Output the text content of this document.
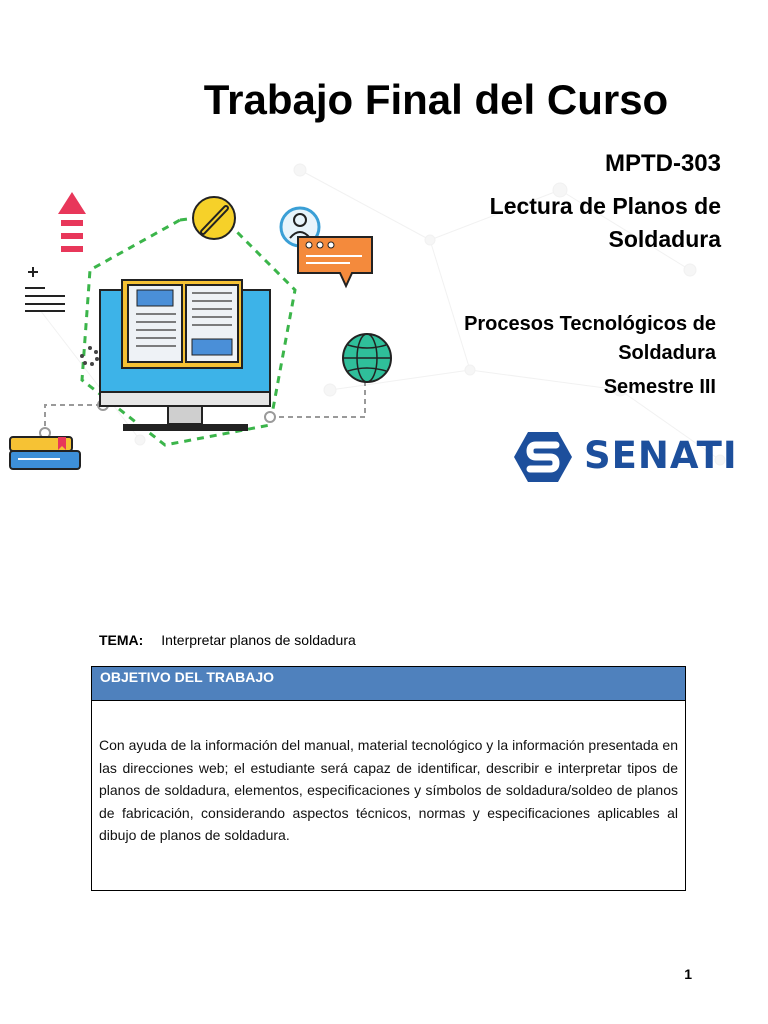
Trabajo Final del Curso
MPTD-303
Lectura de Planos de Soldadura
Procesos Tecnológicos de Soldadura
Semestre III
SENATI
TEMA: Interpretar planos de soldadura
OBJETIVO DEL TRABAJO
Con ayuda de la información del manual, material tecnológico y la información presentada en las direcciones web; el estudiante será capaz de identificar, describir e interpretar tipos de planos de soldadura, elementos, especificaciones y símbolos de soldadura/soldeo de planos de fabricación, considerando aspectos técnicos, normas y especificaciones aplicables al dibujo de planos de soldadura.
1
